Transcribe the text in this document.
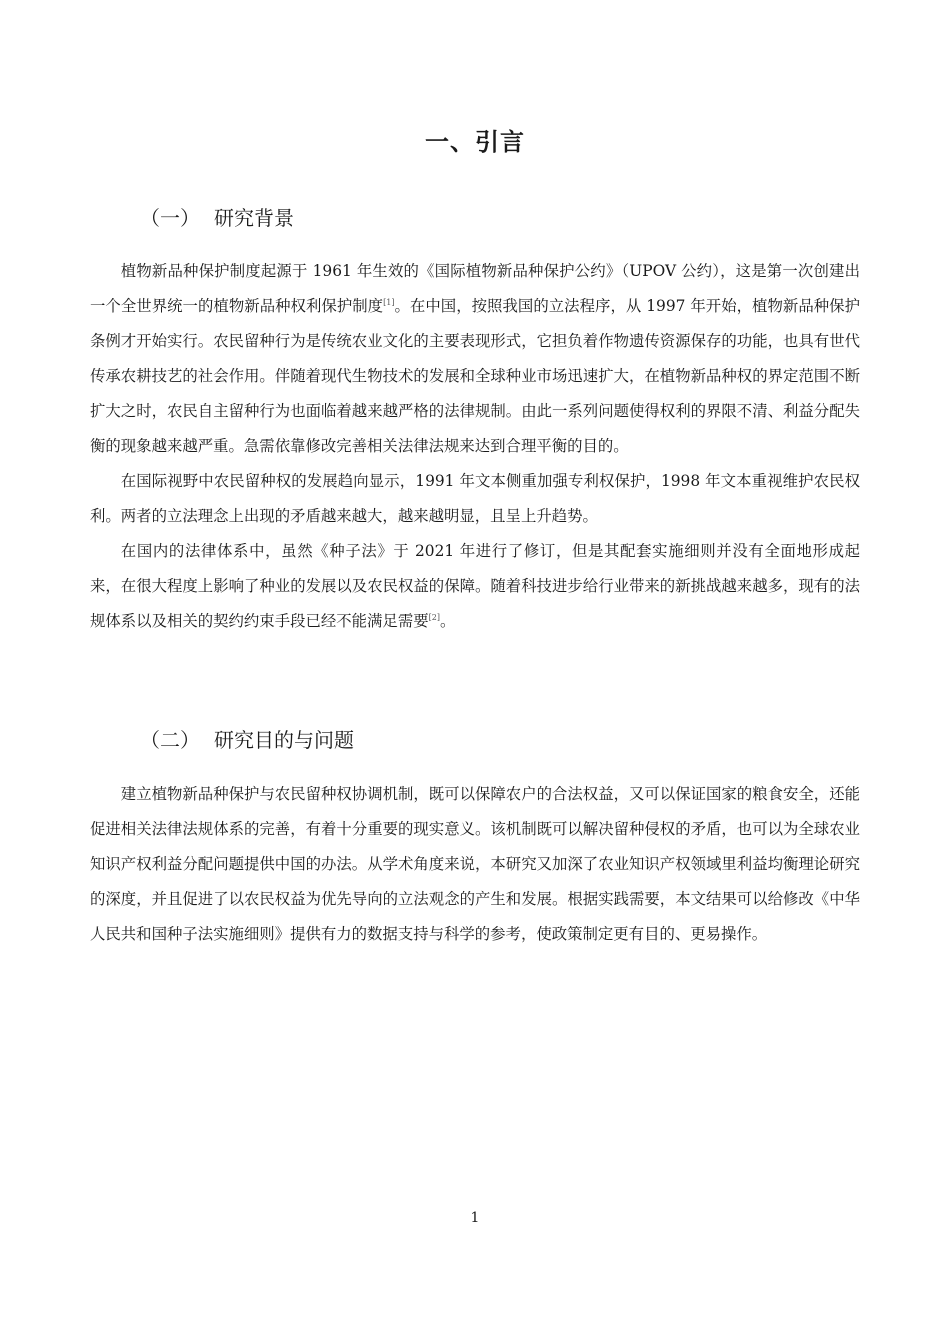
一、引言
（一） 研究背景

植物新品种保护制度起源于 1961 年生效的《国际植物新品种保护公约》（UPOV 公约），这是第一次创建出一个全世界统一的植物新品种权利保护制度[1]。在中国，按照我国的立法程序，从 1997 年开始，植物新品种保护条例才开始实行。农民留种行为是传统农业文化的主要表现形式，它担负着作物遗传资源保存的功能，也具有世代传承农耕技艺的社会作用。伴随着现代生物技术的发展和全球种业市场迅速扩大，在植物新品种权的界定范围不断扩大之时，农民自主留种行为也面临着越来越严格的法律规制。由此一系列问题使得权利的界限不清、利益分配失衡的现象越来越严重。急需依靠修改完善相关法律法规来达到合理平衡的目的。

在国际视野中农民留种权的发展趋向显示，1991 年文本侧重加强专利权保护，1998 年文本重视维护农民权利。两者的立法理念上出现的矛盾越来越大，越来越明显，且呈上升趋势。

在国内的法律体系中，虽然《种子法》于 2021 年进行了修订，但是其配套实施细则并没有全面地形成起来，在很大程度上影响了种业的发展以及农民权益的保障。随着科技进步给行业带来的新挑战越来越多，现有的法规体系以及相关的契约约束手段已经不能满足需要[2]。

（二） 研究目的与问题

建立植物新品种保护与农民留种权协调机制，既可以保障农户的合法权益，又可以保证国家的粮食安全，还能促进相关法律法规体系的完善，有着十分重要的现实意义。该机制既可以解决留种侵权的矛盾，也可以为全球农业知识产权利益分配问题提供中国的办法。从学术角度来说，本研究又加深了农业知识产权领域里利益均衡理论研究的深度，并且促进了以农民权益为优先导向的立法观念的产生和发展。根据实践需要，本文结果可以给修改《中华人民共和国种子法实施细则》提供有力的数据支持与科学的参考，使政策制定更有目的、更易操作。

1
